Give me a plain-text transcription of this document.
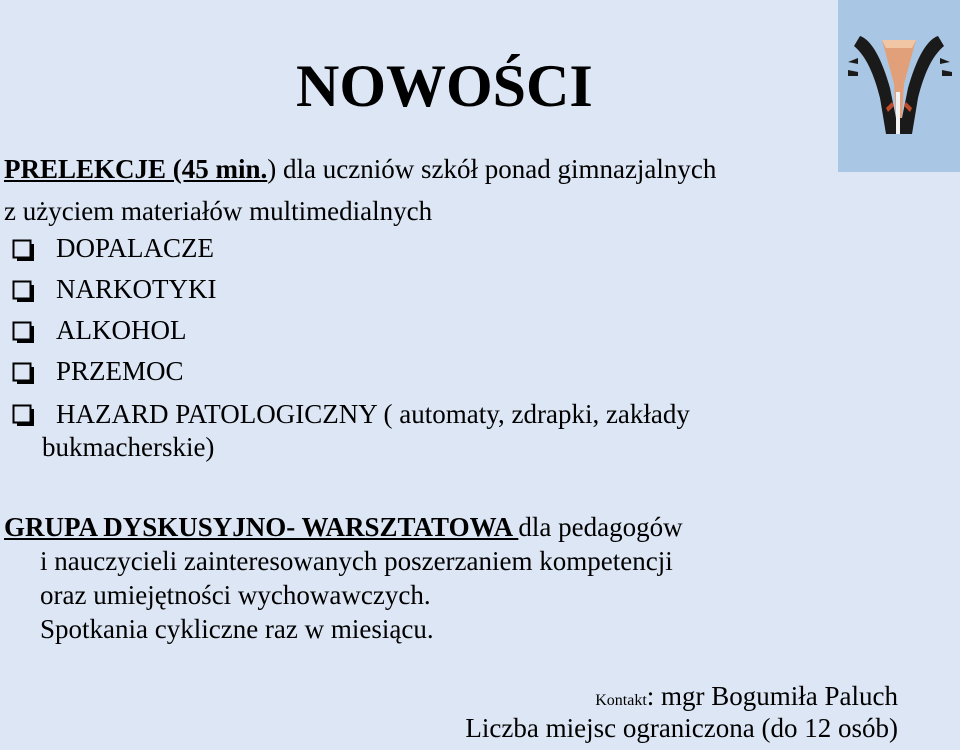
NOWOŚCI
PRELEKCJE (45 min.) dla uczniów szkół ponad gimnazjalnych
z użyciem materiałów multimedialnych
DOPALACZE
NARKOTYKI
ALKOHOL
PRZEMOC
HAZARD PATOLOGICZNY ( automaty, zdrapki, zakłady
bukmacherskie)
GRUPA DYSKUSYJNO- WARSZTATOWA dla pedagogów
i nauczycieli zainteresowanych poszerzaniem kompetencji
oraz umiejętności wychowawczych.
Spotkania cykliczne raz w miesiącu.
Kontakt: mgr Bogumiła Paluch
Liczba miejsc ograniczona (do 12 osób)
